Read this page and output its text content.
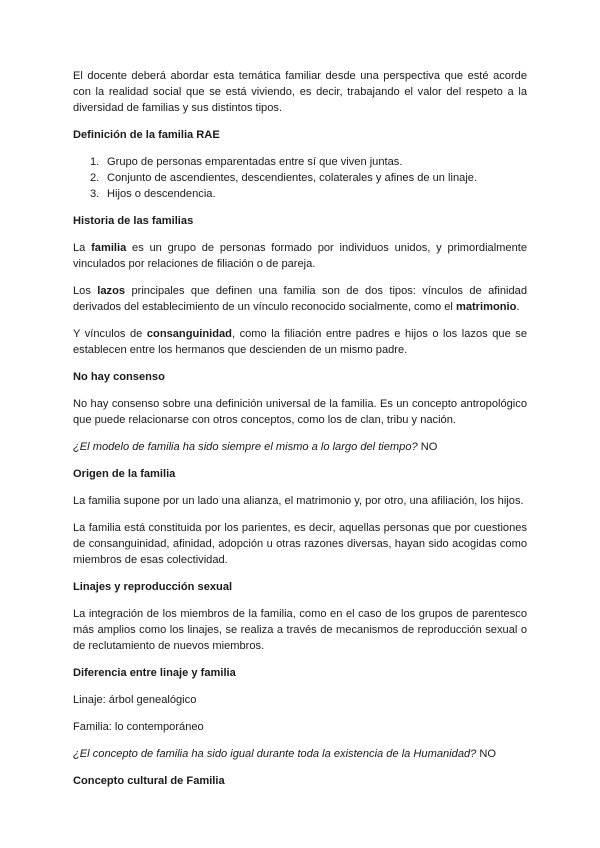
El docente deberá abordar esta temática familiar desde una perspectiva que esté acorde con la realidad social que se está viviendo, es decir, trabajando el valor del respeto a la diversidad de familias y sus distintos tipos.

Definición de la familia RAE

1. Grupo de personas emparentadas entre sí que viven juntas.
2. Conjunto de ascendientes, descendientes, colaterales y afines de un linaje.
3. Hijos o descendencia.

Historia de las familias

La familia es un grupo de personas formado por individuos unidos, y primordialmente vinculados por relaciones de filiación o de pareja.

Los lazos principales que definen una familia son de dos tipos: vínculos de afinidad derivados del establecimiento de un vínculo reconocido socialmente, como el matrimonio.

Y vínculos de consanguinidad, como la filiación entre padres e hijos o los lazos que se establecen entre los hermanos que descienden de un mismo padre.

No hay consenso

No hay consenso sobre una definición universal de la familia. Es un concepto antropológico que puede relacionarse con otros conceptos, como los de clan, tribu y nación.

¿El modelo de familia ha sido siempre el mismo a lo largo del tiempo? NO

Origen de la familia

La familia supone por un lado una alianza, el matrimonio y, por otro, una afiliación, los hijos.

La familia está constituida por los parientes, es decir, aquellas personas que por cuestiones de consanguinidad, afinidad, adopción u otras razones diversas, hayan sido acogidas como miembros de esas colectividad.

Linajes y reproducción sexual

La integración de los miembros de la familia, como en el caso de los grupos de parentesco más amplios como los linajes, se realiza a través de mecanismos de reproducción sexual o de reclutamiento de nuevos miembros.

Diferencia entre linaje y familia

Linaje: árbol genealógico

Familia: lo contemporáneo

¿El concepto de familia ha sido igual durante toda la existencia de la Humanidad? NO

Concepto cultural de Familia
